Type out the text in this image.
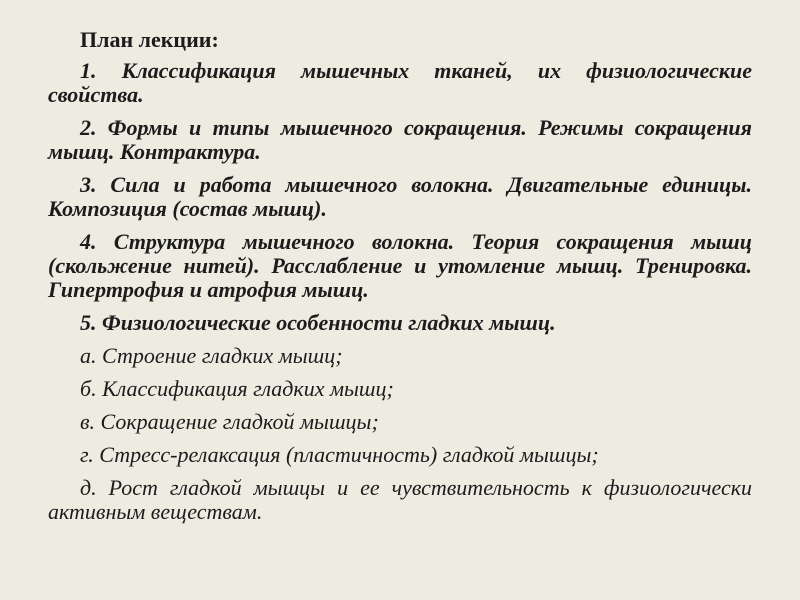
План лекции:
1. Классификация мышечных тканей, их физиологические свойства.
2. Формы и типы мышечного сокращения. Режимы сокращения мышц. Контрактура.
3. Сила и работа мышечного волокна. Двигательные единицы. Композиция (состав мышц).
4. Структура мышечного волокна. Теория сокращения мышц (скольжение нитей). Расслабление и утомление мышц. Тренировка. Гипертрофия и атрофия мышц.
5. Физиологические особенности гладких мышц.
а. Строение гладких мышц;
б. Классификация гладких мышц;
в. Сокращение гладкой мышцы;
г. Стресс-релаксация (пластичность) гладкой мышцы;
д. Рост гладкой мышцы и ее чувствительность к физиологически активным веществам.
